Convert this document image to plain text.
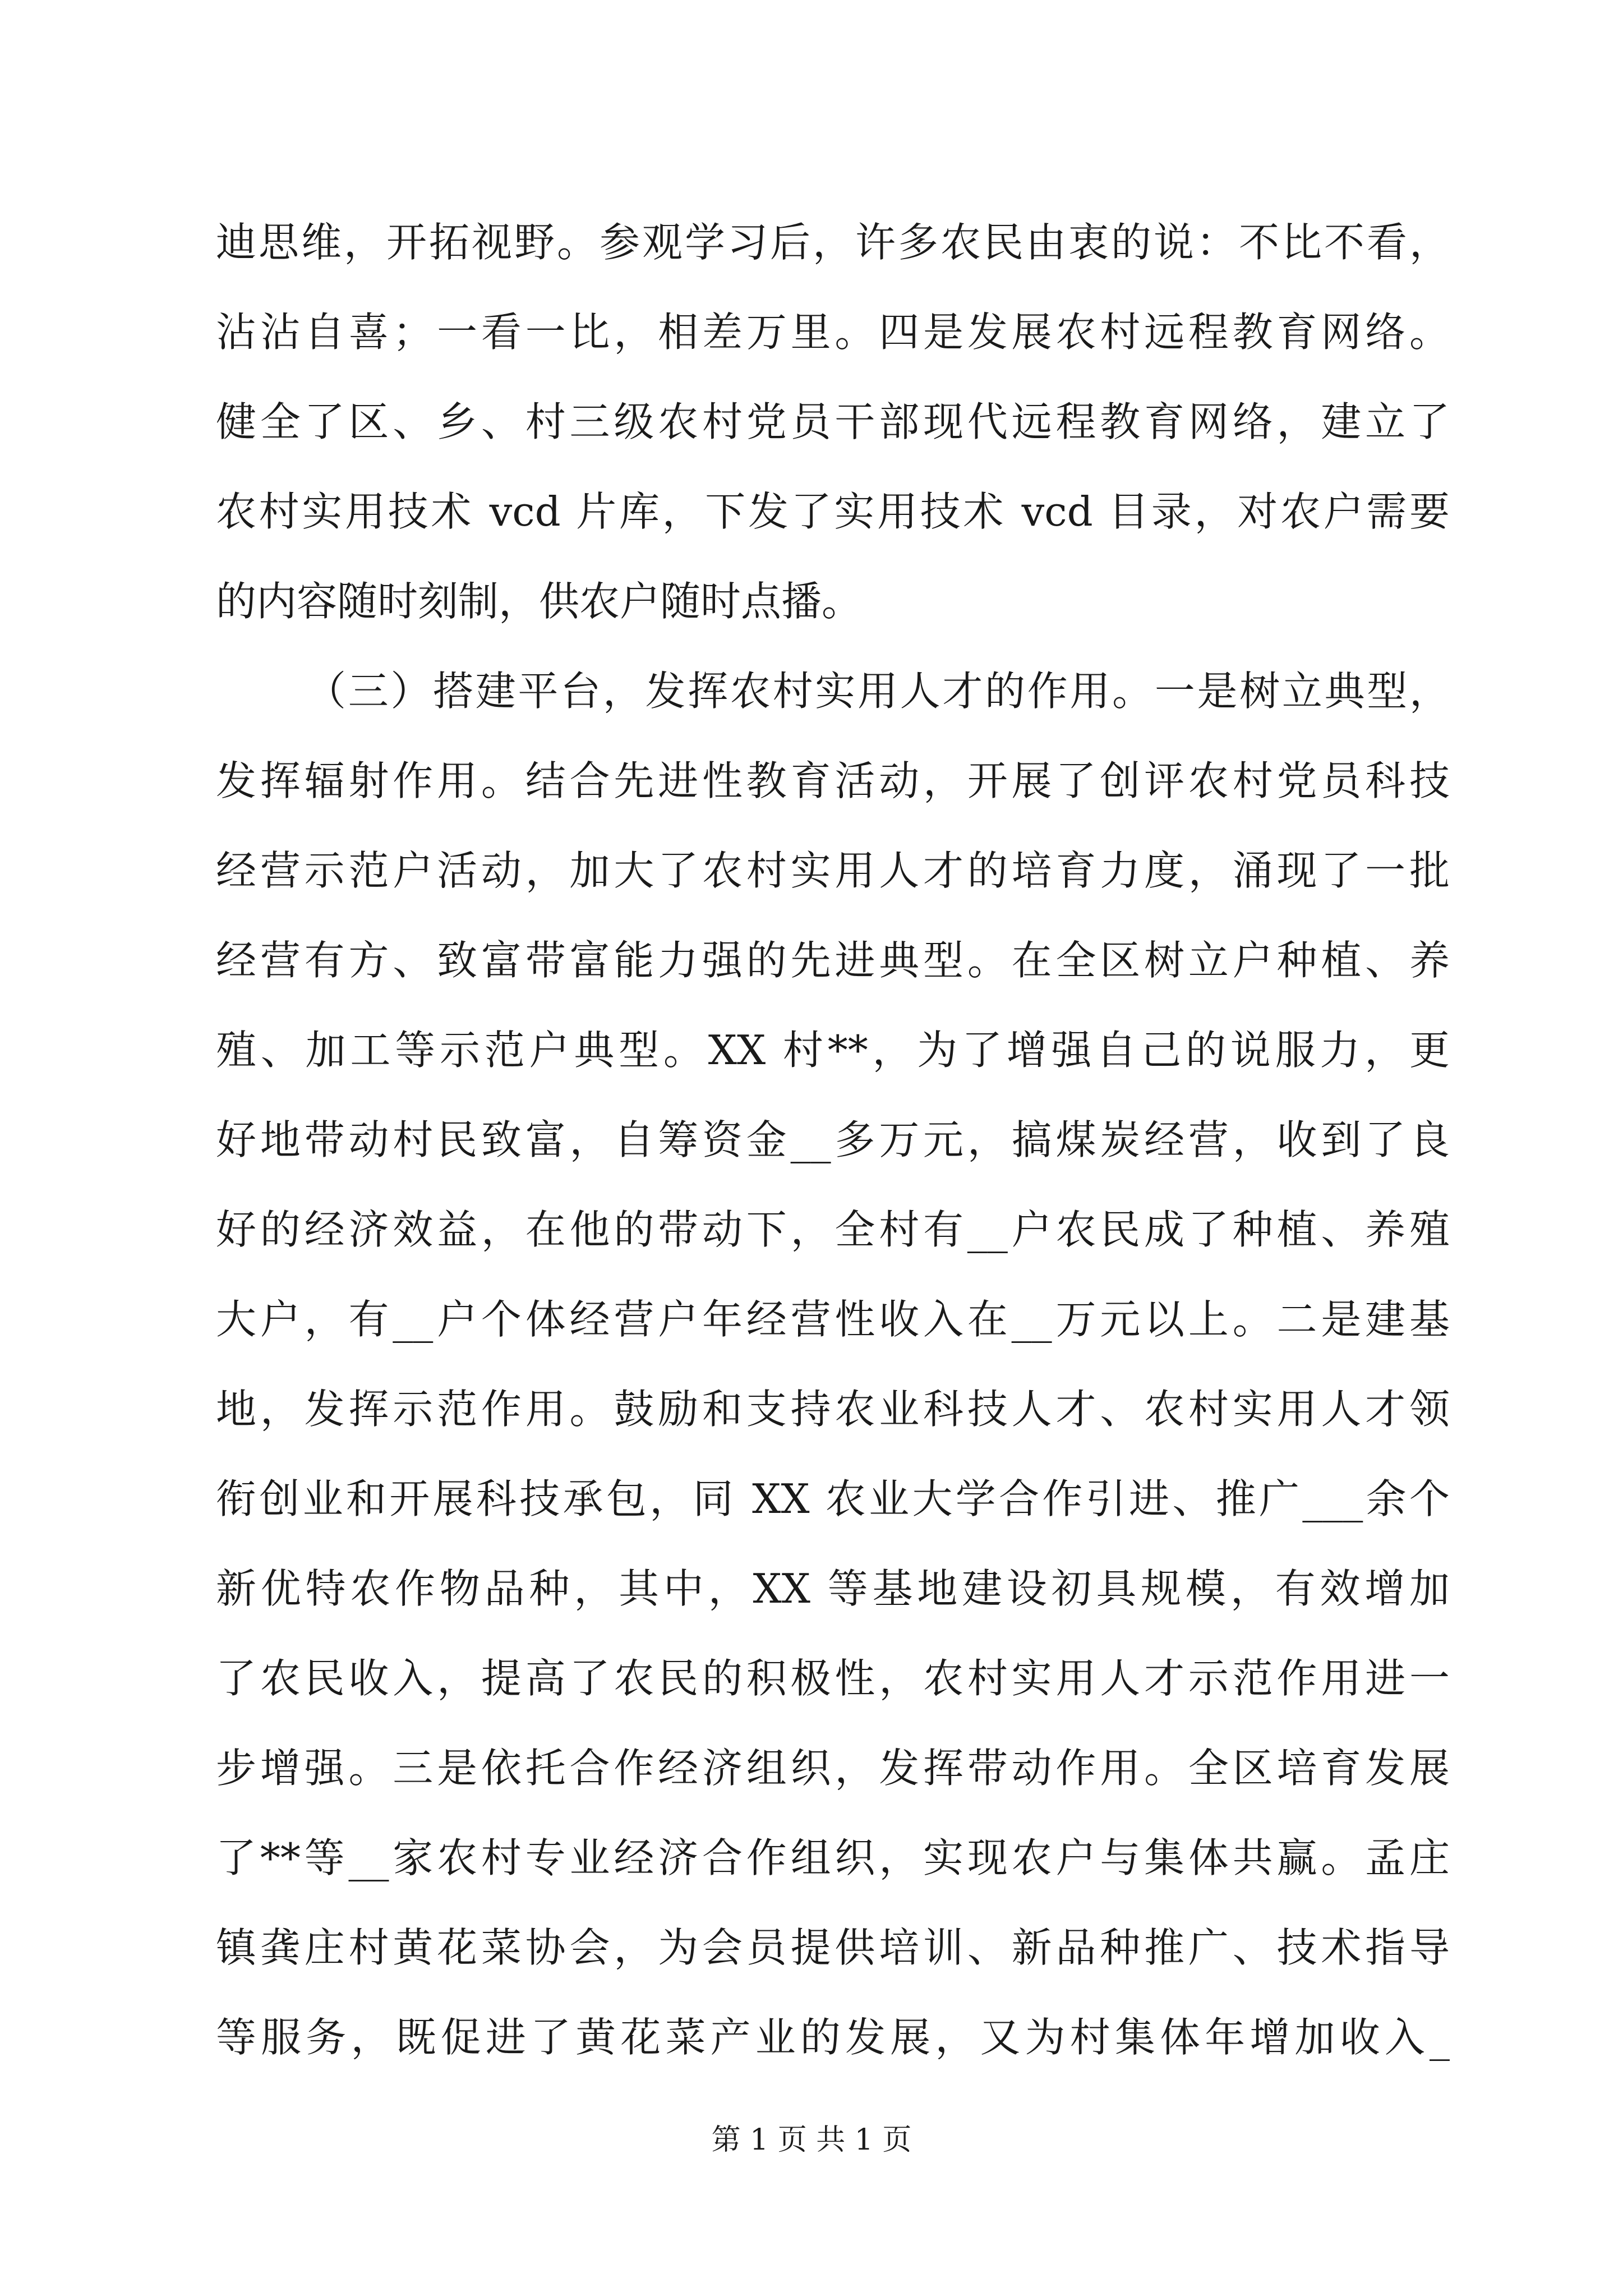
迪思维，开拓视野。参观学习后，许多农民由衷的说：不比不看，
沾沾自喜；一看一比，相差万里。四是发展农村远程教育网络。
健全了区、乡、村三级农村党员干部现代远程教育网络，建立了
农村实用技术 vcd 片库，下发了实用技术 vcd 目录，对农户需要
的内容随时刻制，供农户随时点播。
（三）搭建平台，发挥农村实用人才的作用。一是树立典型，
发挥辐射作用。结合先进性教育活动，开展了创评农村党员科技
经营示范户活动，加大了农村实用人才的培育力度，涌现了一批
经营有方、致富带富能力强的先进典型。在全区树立户种植、养
殖、加工等示范户典型。XX 村**，为了增强自己的说服力，更
好地带动村民致富，自筹资金__多万元，搞煤炭经营，收到了良
好的经济效益，在他的带动下，全村有__户农民成了种植、养殖
大户，有__户个体经营户年经营性收入在__万元以上。二是建基
地，发挥示范作用。鼓励和支持农业科技人才、农村实用人才领
衔创业和开展科技承包，同 XX 农业大学合作引进、推广___余个
新优特农作物品种，其中，XX 等基地建设初具规模，有效增加
了农民收入，提高了农民的积极性，农村实用人才示范作用进一
步增强。三是依托合作经济组织，发挥带动作用。全区培育发展
了**等__家农村专业经济合作组织，实现农户与集体共赢。孟庄
镇龚庄村黄花菜协会，为会员提供培训、新品种推广、技术指导
等服务，既促进了黄花菜产业的发展，又为村集体年增加收入_
第 1 页 共 1 页
